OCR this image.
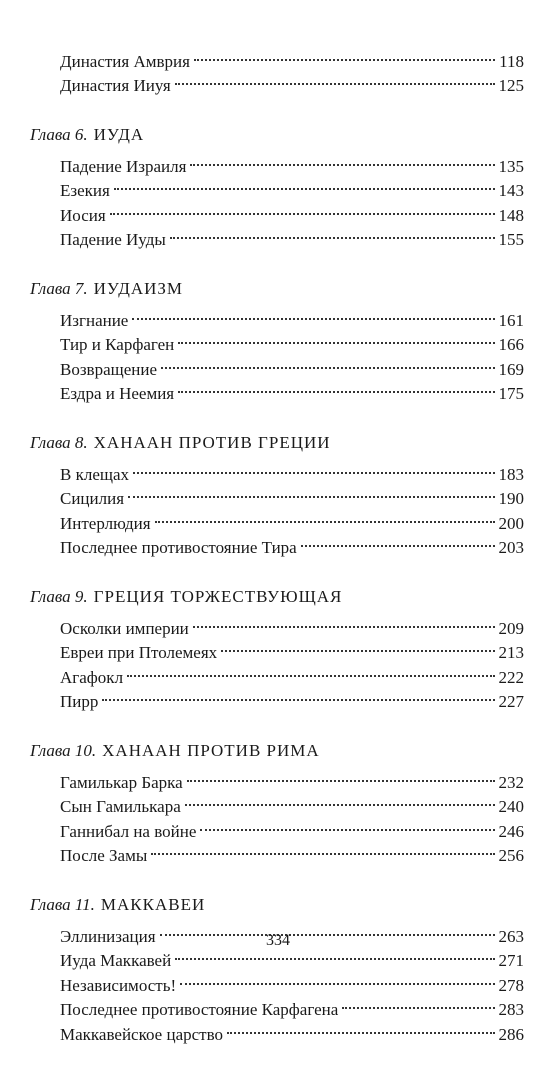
Династия Амврия	118
Династия Ииуя	125
Глава 6. ИУДА
Падение Израиля	135
Езекия	143
Иосия	148
Падение Иуды	155
Глава 7. ИУДАИЗМ
Изгнание	161
Тир и Карфаген	166
Возвращение	169
Ездра и Неемия	175
Глава 8. ХАНААН ПРОТИВ ГРЕЦИИ
В клещах	183
Сицилия	190
Интерлюдия	200
Последнее противостояние Тира	203
Глава 9. ГРЕЦИЯ ТОРЖЕСТВУЮЩАЯ
Осколки империи	209
Евреи при Птолемеях	213
Агафокл	222
Пирр	227
Глава 10. ХАНААН ПРОТИВ РИМА
Гамилькар Барка	232
Сын Гамилькара	240
Ганнибал на войне	246
После Замы	256
Глава 11. МАККАВЕИ
Эллинизация	263
Иуда Маккавей	271
Независимость!	278
Последнее противостояние Карфагена	283
Маккавейское царство	286
334
